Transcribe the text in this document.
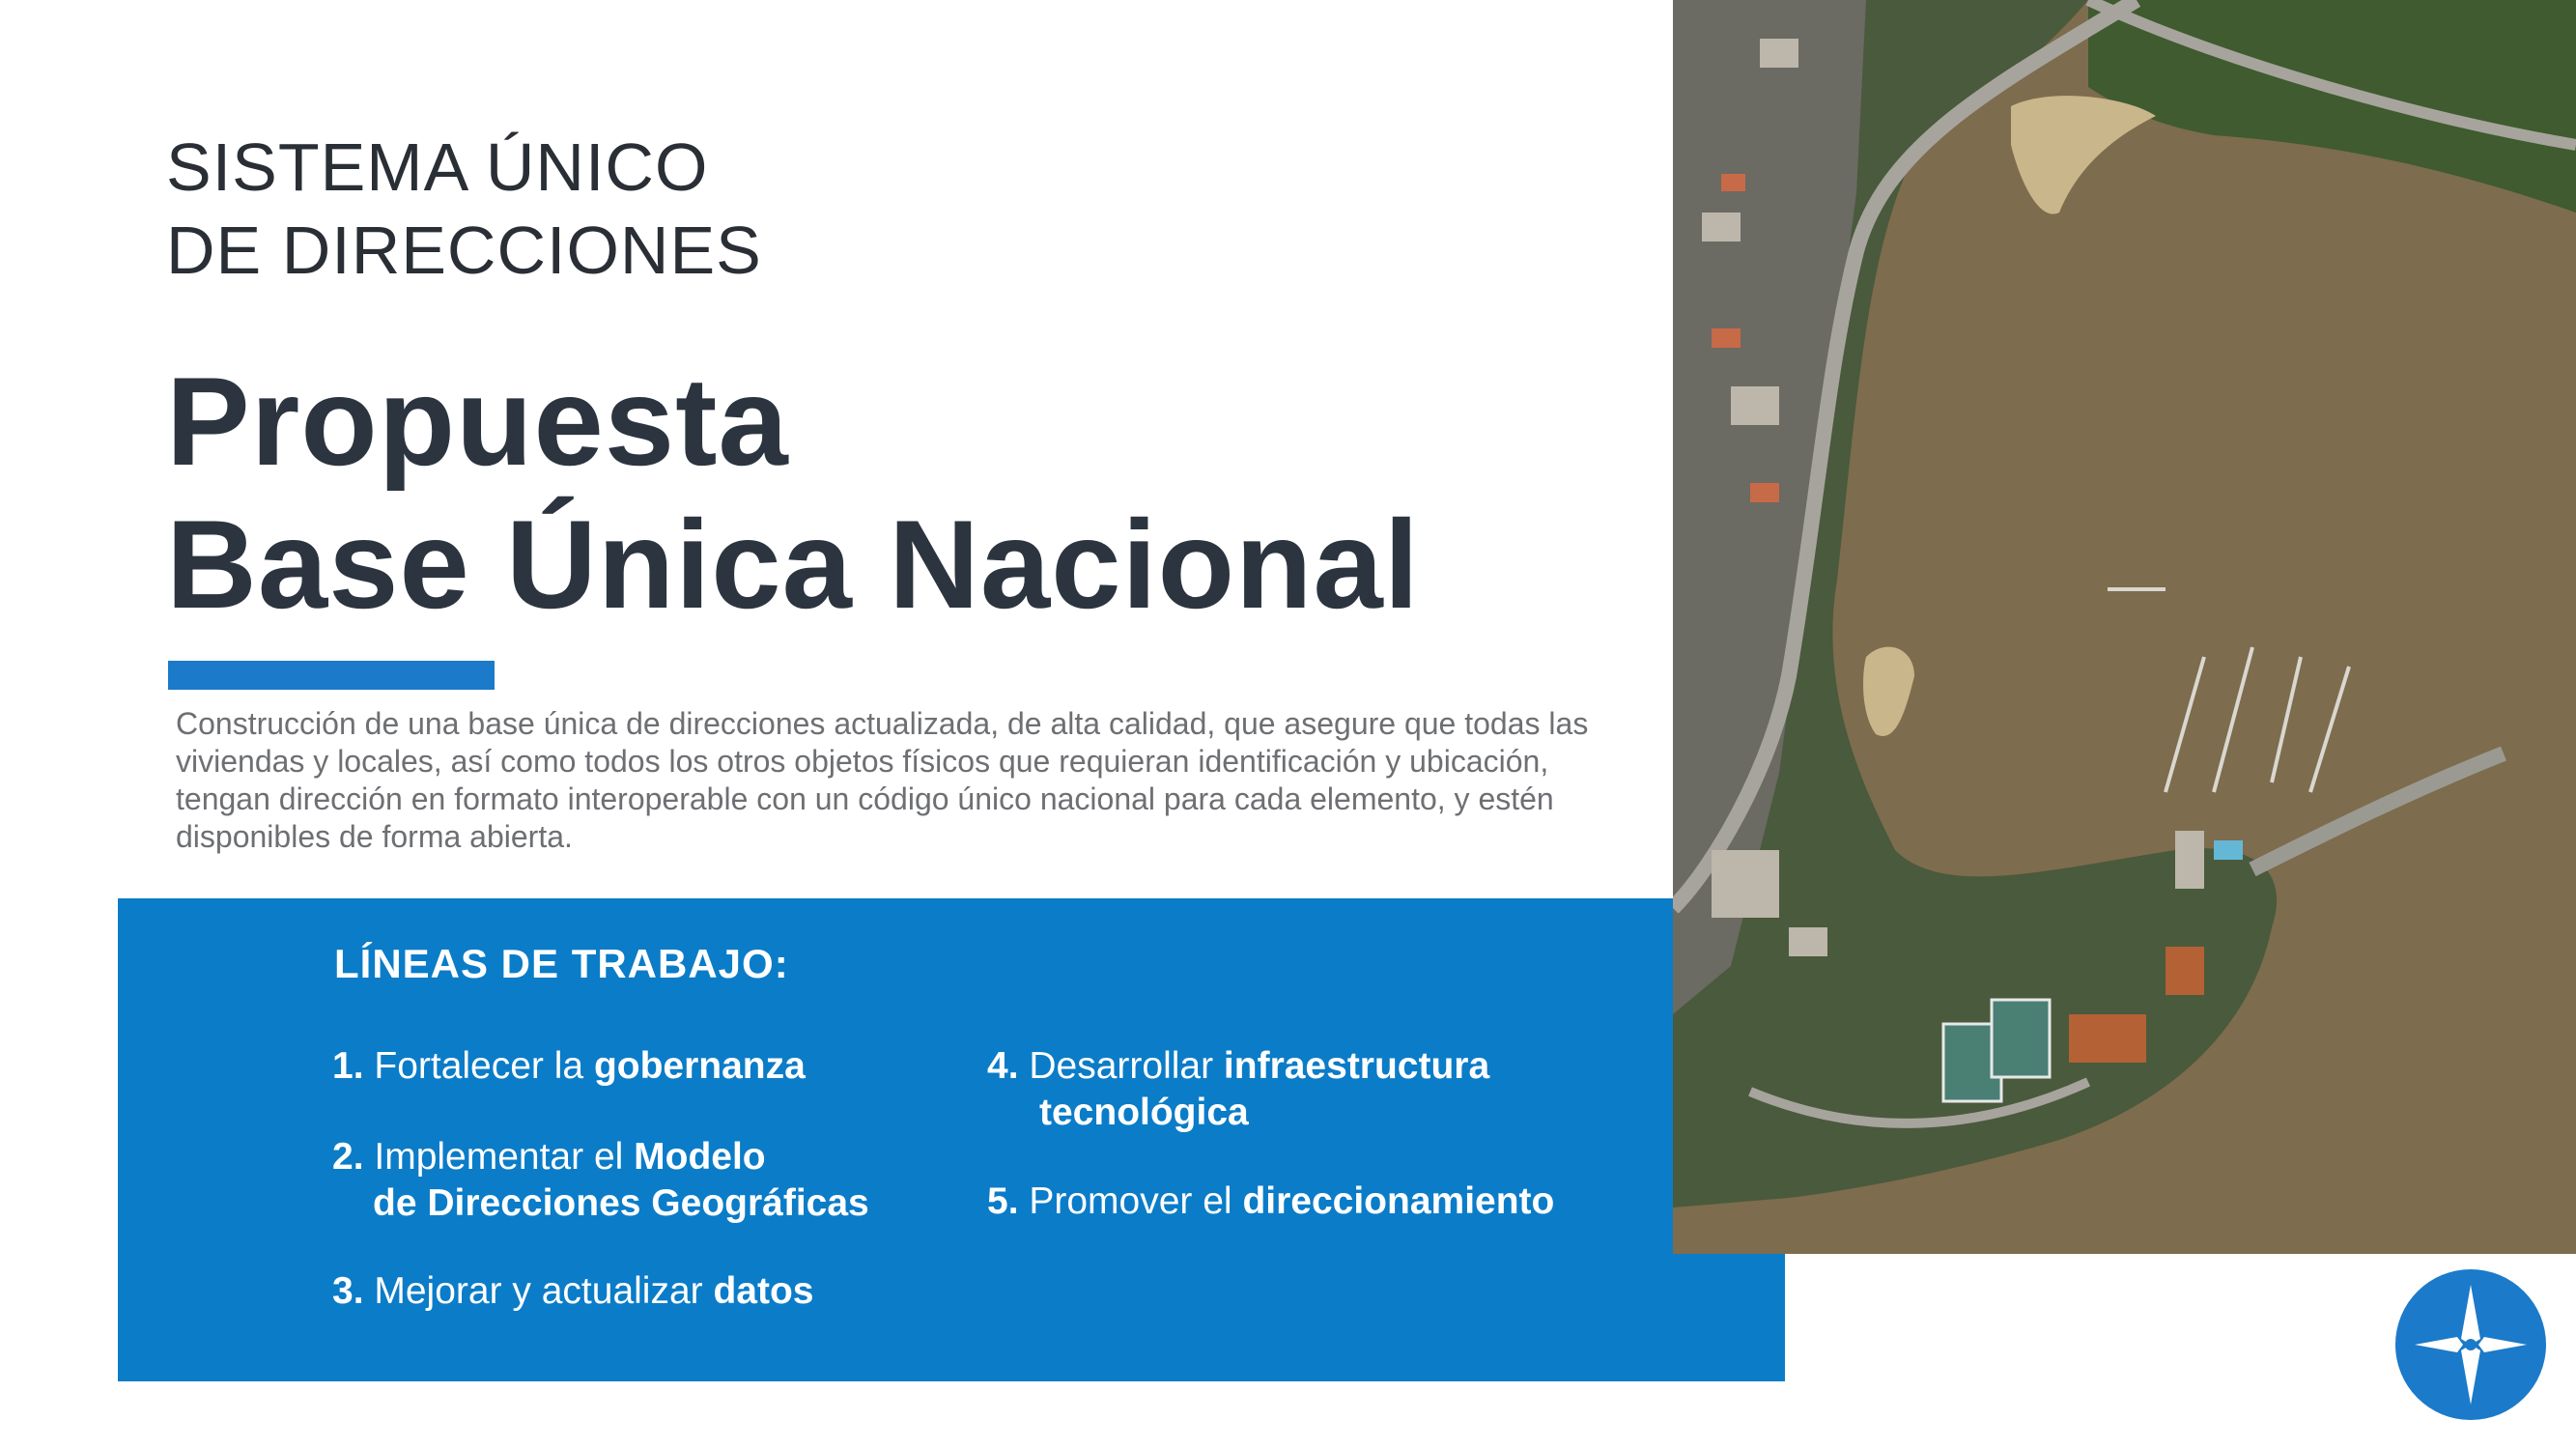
SISTEMA ÚNICO
DE DIRECCIONES
Propuesta
Base Única Nacional
Construcción de una base única de direcciones actualizada, de alta calidad, que asegure que todas las viviendas y locales, así como todos los otros objetos físicos que requieran identificación y ubicación, tengan dirección en formato interoperable con un código único nacional para cada elemento, y estén disponibles de forma abierta.
LÍNEAS DE TRABAJO:
1. Fortalecer la gobernanza
2. Implementar el Modelo
de Direcciones Geográficas
3. Mejorar y actualizar datos
4. Desarrollar infraestructura
tecnológica
5. Promover el direccionamiento
